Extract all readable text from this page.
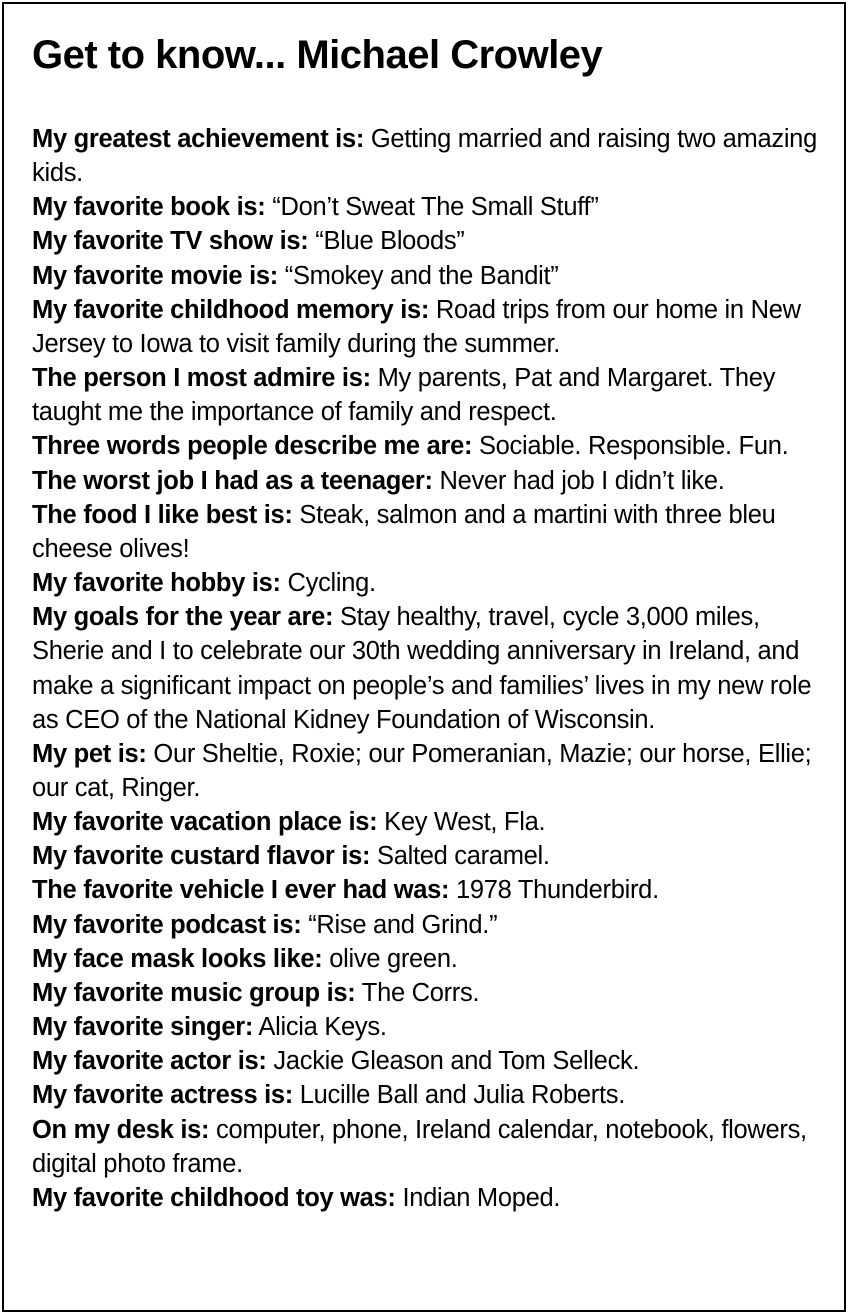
Get to know... Michael Crowley
My greatest achievement is: Getting married and raising two amazing kids.
My favorite book is: “Don’t Sweat The Small Stuff”
My favorite TV show is: “Blue Bloods”
My favorite movie is: “Smokey and the Bandit”
My favorite childhood memory is: Road trips from our home in New Jersey to Iowa to visit family during the summer.
The person I most admire is: My parents, Pat and Margaret. They taught me the importance of family and respect.
Three words people describe me are: Sociable. Responsible. Fun.
The worst job I had as a teenager: Never had job I didn’t like.
The food I like best is: Steak, salmon and a martini with three bleu cheese olives!
My favorite hobby is: Cycling.
My goals for the year are: Stay healthy, travel, cycle 3,000 miles, Sherie and I to celebrate our 30th wedding anniversary in Ireland, and make a significant impact on people’s and families’ lives in my new role as CEO of the National Kidney Foundation of Wisconsin.
My pet is: Our Sheltie, Roxie; our Pomeranian, Mazie; our horse, Ellie; our cat, Ringer.
My favorite vacation place is: Key West, Fla.
My favorite custard flavor is: Salted caramel.
The favorite vehicle I ever had was: 1978 Thunderbird.
My favorite podcast is: “Rise and Grind.”
My face mask looks like: olive green.
My favorite music group is: The Corrs.
My favorite singer: Alicia Keys.
My favorite actor is: Jackie Gleason and Tom Selleck.
My favorite actress is: Lucille Ball and Julia Roberts.
On my desk is: computer, phone, Ireland calendar, notebook, flowers, digital photo frame.
My favorite childhood toy was: Indian Moped.
